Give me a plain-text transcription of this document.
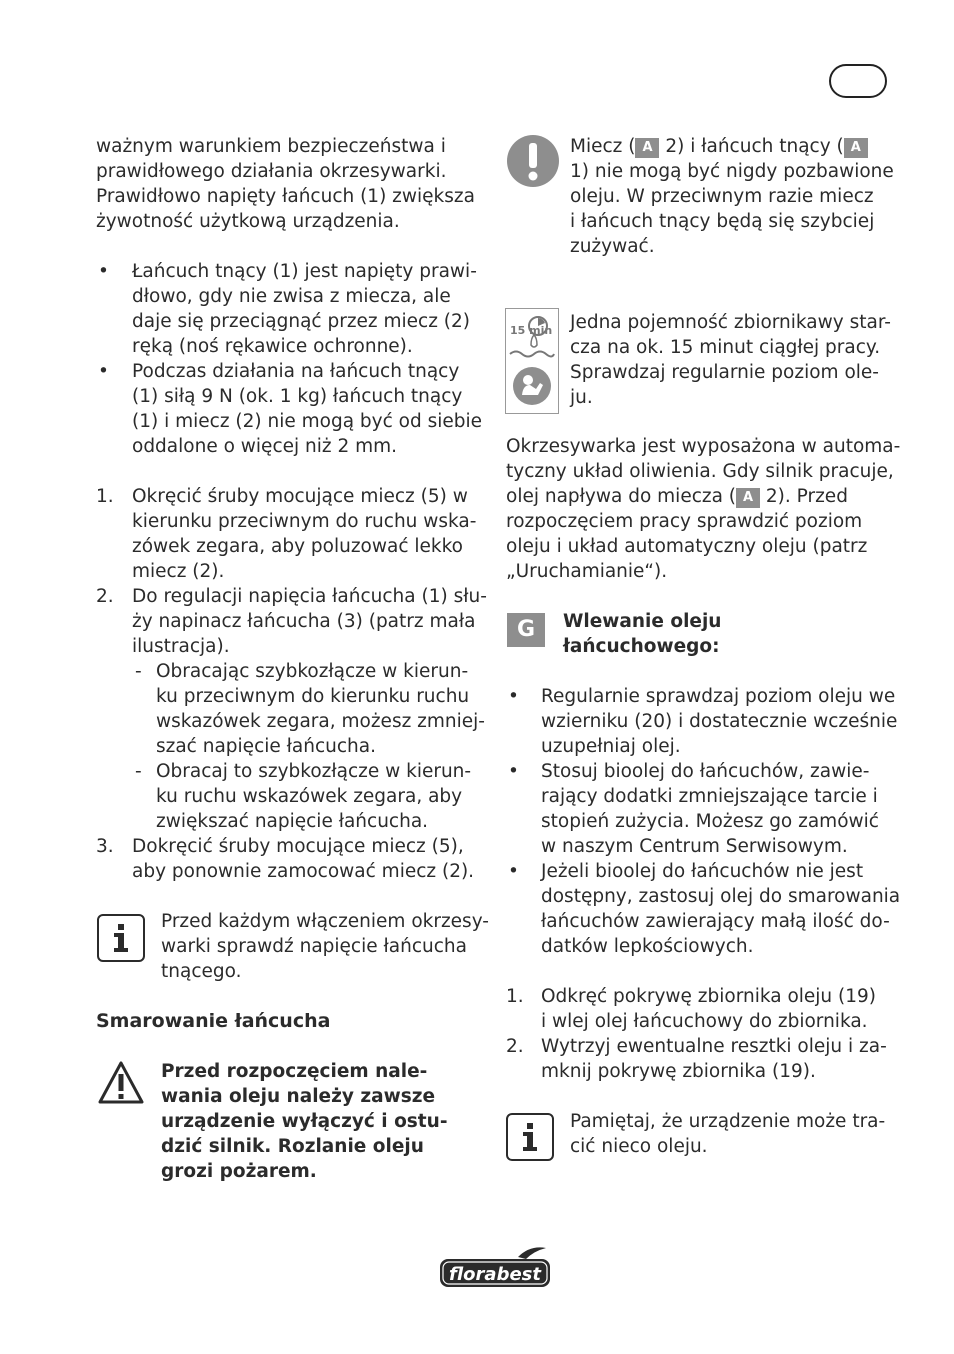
ważnym warunkiem bezpieczeństwa i
prawidłowego działania okrzesywarki.
Prawidłowo napięty łańcuch (1) zwiększa
żywotność użytkową urządzenia.
• Łańcuch tnący (1) jest napięty prawi-
dłowo, gdy nie zwisa z miecza, ale
daje się przeciągnąć przez miecz (2)
ręką (noś rękawice ochronne).
• Podczas działania na łańcuch tnący
(1) siłą 9 N (ok. 1 kg) łańcuch tnący
(1) i miecz (2) nie mogą być od siebie
oddalone o więcej niż 2 mm.
1. Okręcić śruby mocujące miecz (5) w
kierunku przeciwnym do ruchu wska-
zówek zegara, aby poluzować lekko
miecz (2).
2. Do regulacji napięcia łańcucha (1) słu-
ży napinacz łańcucha (3) (patrz mała
ilustracja).
- Obracając szybkozłącze w kierun-
ku przeciwnym do kierunku ruchu
wskazówek zegara, możesz zmniej-
szać napięcie łańcucha.
- Obracaj to szybkozłącze w kierun-
ku ruchu wskazówek zegara, aby
zwiększać napięcie łańcucha.
3. Dokręcić śruby mocujące miecz (5),
aby ponownie zamocować miecz (2).
Przed każdym włączeniem okrzesy-
warki sprawdź napięcie łańcucha
tnącego.
Smarowanie łańcucha
Przed rozpoczęciem nale-
wania oleju należy zawsze
urządzenie wyłączyć i ostu-
dzić silnik. Rozlanie oleju
grozi pożarem.
Miecz ( A 2) i łańcuch tnący ( A
1) nie mogą być nigdy pozbawione
oleju. W przeciwnym razie miecz
i łańcuch tnący będą się szybciej
zużywać.
15 min Jedna pojemność zbiornikawy star-
cza na ok. 15 minut ciągłej pracy.
Sprawdzaj regularnie poziom ole-
ju.
Okrzesywarka jest wyposażona w automa-
tyczny układ oliwienia. Gdy silnik pracuje,
olej napływa do miecza ( A 2). Przed
rozpoczęciem pracy sprawdzić poziom
oleju i układ automatyczny oleju (patrz
„Uruchamianie“).
G	Wlewanie oleju
łańcuchowego:
• Regularnie sprawdzaj poziom oleju we
wzierniku (20) i dostatecznie wcześnie
uzupełniaj olej.
• Stosuj bioolej do łańcuchów, zawie-
rający dodatki zmniejszające tarcie i
stopień zużycia. Możesz go zamówić
w naszym Centrum Serwisowym.
• Jeżeli bioolej do łańcuchów nie jest
dostępny, zastosuj olej do smarowania
łańcuchów zawierający małą ilość do-
datków lepkościowych.
1. Odkręć pokrywę zbiornika oleju (19)
i wlej olej łańcuchowy do zbiornika.
2. Wytrzyj ewentualne resztki oleju i za-
mknij pokrywę zbiornika (19).
Pamiętaj, że urządzenie może tra-
cić nieco oleju.
florabest
